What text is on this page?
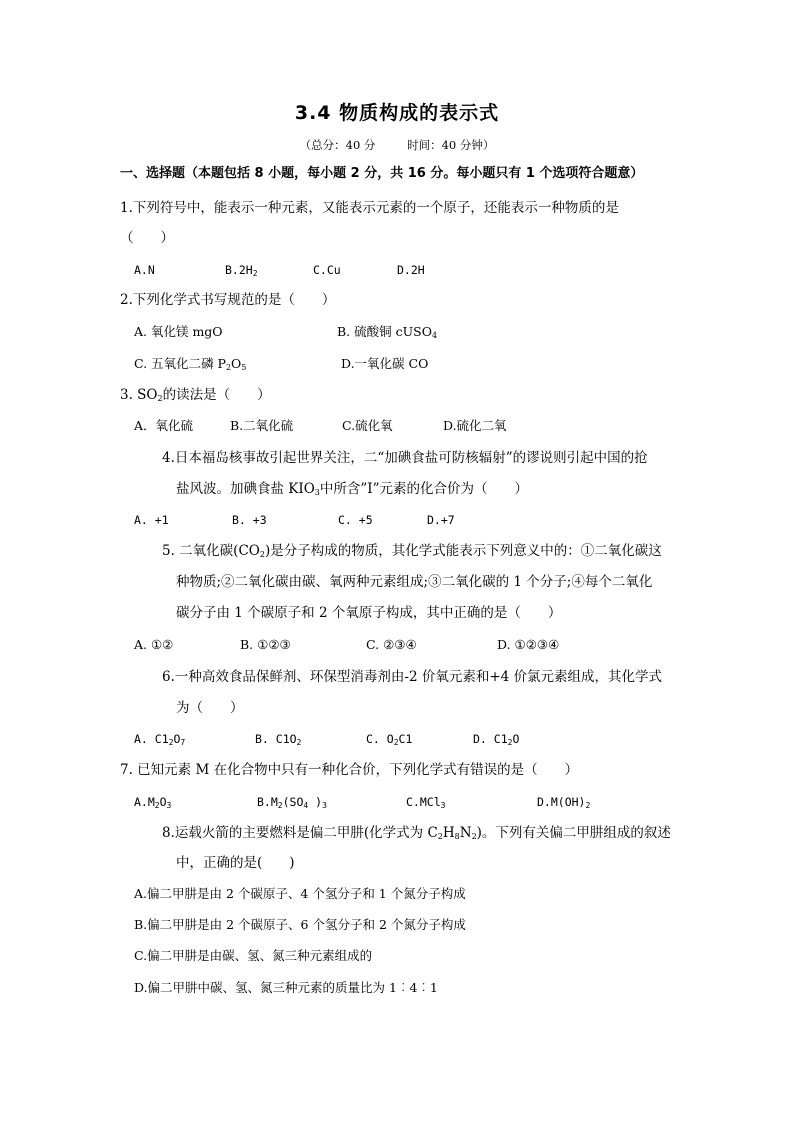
3.4 物质构成的表示式
（总分：40 分	时间：40 分钟）
一、选择题（本题包括 8 小题，每小题 2 分，共 16 分。每小题只有 1 个选项符合题意）
1.下列符号中，能表示一种元素，又能表示元素的一个原子，还能表示一种物质的是
（　　）
A.N	$B.2H_2$	C.Cu	D.2H
2.下列化学式书写规范的是（　　）
A. 氧化镁 mgO	B. 硫酸铜 cUSO$_4$
C. 五氧化二磷 $P_2O_5$	D.一氧化碳 CO
3. $SO_2$的读法是（　　）
A．氧化硫	B.二氧化硫	C.硫化氧	D.硫化二氧
4.日本福岛核事故引起世界关注，二“加碘食盐可防核辐射”的谬说则引起中国的抢
盐风波。加碘食盐 $KIO_3$中所含”I”元素的化合价为（　　）
A. +1	B. +3	C. +5	D.+7
5. 二氧化碳$(CO_2)$是分子构成的物质，其化学式能表示下列意义中的：①二氧化碳这
种物质;②二氧化碳由碳、氧两种元素组成;③二氧化碳的 1 个分子;④每个二氧化
碳分子由 1 个碳原子和 2 个氧原子构成，其中正确的是（　　）
A. ①②	B. ①②③	C. ②③④	D. ①②③④
6.一种高效食品保鲜剂、环保型消毒剂由-2 价氧元素和+4 价氯元素组成，其化学式
为（　　）
A. $C1_2O_7$	B. $C1O_2$	C. $O_2C1$	D. $C1_2O$
7. 已知元素 M 在化合物中只有一种化合价，下列化学式有错误的是（　　）
$A.M_2O_3$	$B.M_2(SO_4$ )$_3$	C.MCl$_3$	$D.M(OH)_2$
8.运载火箭的主要燃料是偏二甲肼(化学式为 $C_2H_8N_2$)。下列有关偏二甲肼组成的叙述
中，正确的是(　　)
A.偏二甲肼是由 2 个碳原子、4 个氢分子和 1 个氮分子构成
B.偏二甲肼是由 2 个碳原子、6 个氢分子和 2 个氮分子构成
C.偏二甲肼是由碳、氢、氮三种元素组成的
D.偏二甲肼中碳、氢、氮三种元素的质量比为 1︰4︰1
